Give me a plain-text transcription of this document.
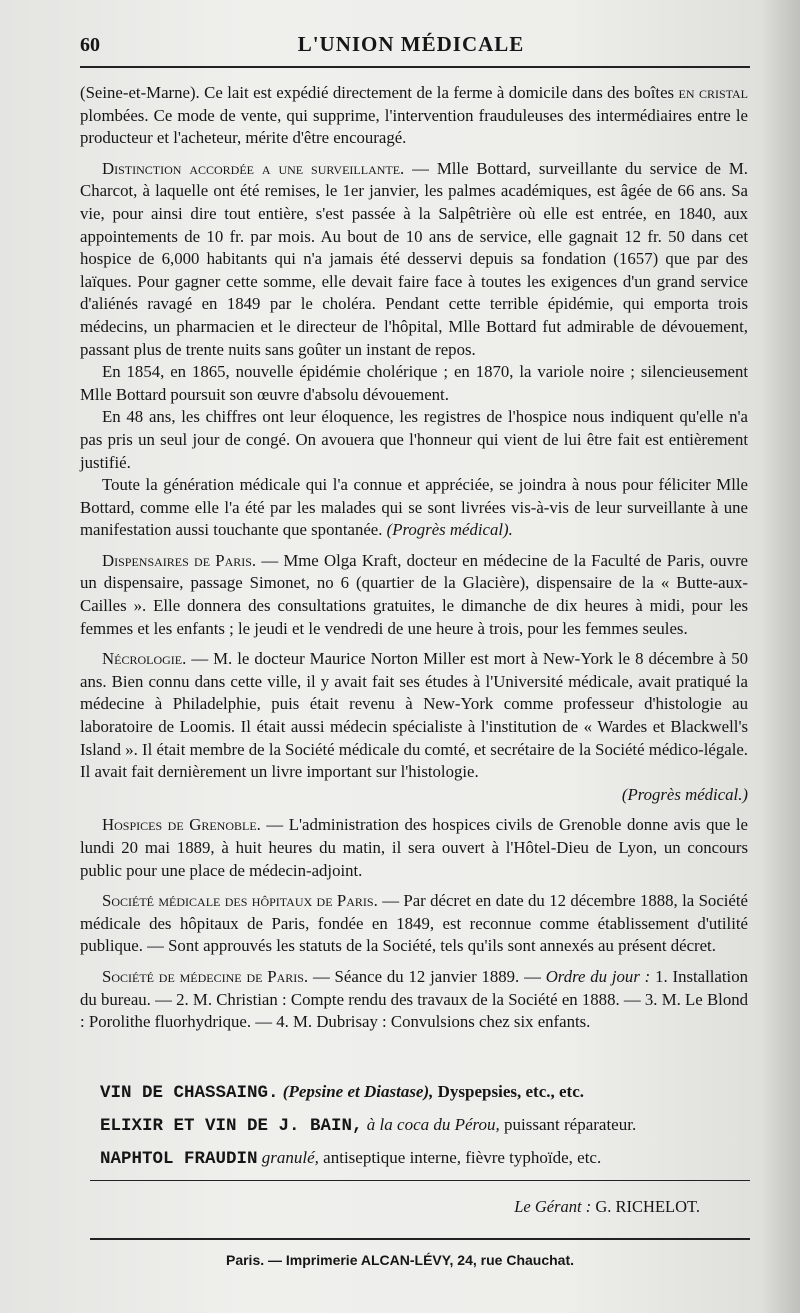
60	L'UNION MÉDICALE

(Seine-et-Marne). Ce lait est expédié directement de la ferme à domicile dans des boîtes en cristal plombées. Ce mode de vente, qui supprime, l'intervention frauduleuses des intermédiaires entre le producteur et l'acheteur, mérite d'être encouragé.

Distinction accordée a une surveillante. — Mlle Bottard, surveillante du service de M. Charcot, à laquelle ont été remises, le 1er janvier, les palmes académiques, est âgée de 66 ans. Sa vie, pour ainsi dire tout entière, s'est passée à la Salpêtrière où elle est entrée, en 1840, aux appointements de 10 fr. par mois. Au bout de 10 ans de service, elle gagnait 12 fr. 50 dans cet hospice de 6,000 habitants qui n'a jamais été desservi depuis sa fondation (1657) que par des laïques. Pour gagner cette somme, elle devait faire face à toutes les exigences d'un grand service d'aliénés ravagé en 1849 par le choléra. Pendant cette terrible épidémie, qui emporta trois médecins, un pharmacien et le directeur de l'hôpital, Mlle Bottard fut admirable de dévouement, passant plus de trente nuits sans goûter un instant de repos.

En 1854, en 1865, nouvelle épidémie cholérique ; en 1870, la variole noire ; silencieusement Mlle Bottard poursuit son œuvre d'absolu dévouement.

En 48 ans, les chiffres ont leur éloquence, les registres de l'hospice nous indiquent qu'elle n'a pas pris un seul jour de congé. On avouera que l'honneur qui vient de lui être fait est entièrement justifié.

Toute la génération médicale qui l'a connue et appréciée, se joindra à nous pour féliciter Mlle Bottard, comme elle l'a été par les malades qui se sont livrées vis-à-vis de leur surveillante à une manifestation aussi touchante que spontanée. (Progrès médical).

Dispensaires de Paris. — Mme Olga Kraft, docteur en médecine de la Faculté de Paris, ouvre un dispensaire, passage Simonet, no 6 (quartier de la Glacière), dispensaire de la « Butte-aux-Cailles ». Elle donnera des consultations gratuites, le dimanche de dix heures à midi, pour les femmes et les enfants ; le jeudi et le vendredi de une heure à trois, pour les femmes seules.

Nécrologie. — M. le docteur Maurice Norton Miller est mort à New-York le 8 décembre à 50 ans. Bien connu dans cette ville, il y avait fait ses études à l'Université médicale, avait pratiqué la médecine à Philadelphie, puis était revenu à New-York comme professeur d'histologie au laboratoire de Loomis. Il était aussi médecin spécialiste à l'institution de « Wardes et Blackwell's Island ». Il était membre de la Société médicale du comté, et secrétaire de la Société médico-légale. Il avait fait dernièrement un livre important sur l'histologie.
(Progrès médical.)

Hospices de Grenoble. — L'administration des hospices civils de Grenoble donne avis que le lundi 20 mai 1889, à huit heures du matin, il sera ouvert à l'Hôtel-Dieu de Lyon, un concours public pour une place de médecin-adjoint.

Société médicale des hôpitaux de Paris. — Par décret en date du 12 décembre 1888, la Société médicale des hôpitaux de Paris, fondée en 1849, est reconnue comme établissement d'utilité publique. — Sont approuvés les statuts de la Société, tels qu'ils sont annexés au présent décret.

Société de médecine de Paris. — Séance du 12 janvier 1889. — Ordre du jour : 1. Installation du bureau. — 2. M. Christian : Compte rendu des travaux de la Société en 1888. — 3. M. Le Blond : Porolithe fluorhydrique. — 4. M. Dubrisay : Convulsions chez six enfants.

VIN DE CHASSAING. (Pepsine et Diastase), Dyspepsies, etc., etc.
ELIXIR ET VIN DE J. BAIN, à la coca du Pérou, puissant réparateur.
NAPHTOL FRAUDIN granulé, antiseptique interne, fièvre typhoïde, etc.
Le Gérant : G. RICHELOT.
Paris. — Imprimerie ALCAN-LÉVY, 24, rue Chauchat.
